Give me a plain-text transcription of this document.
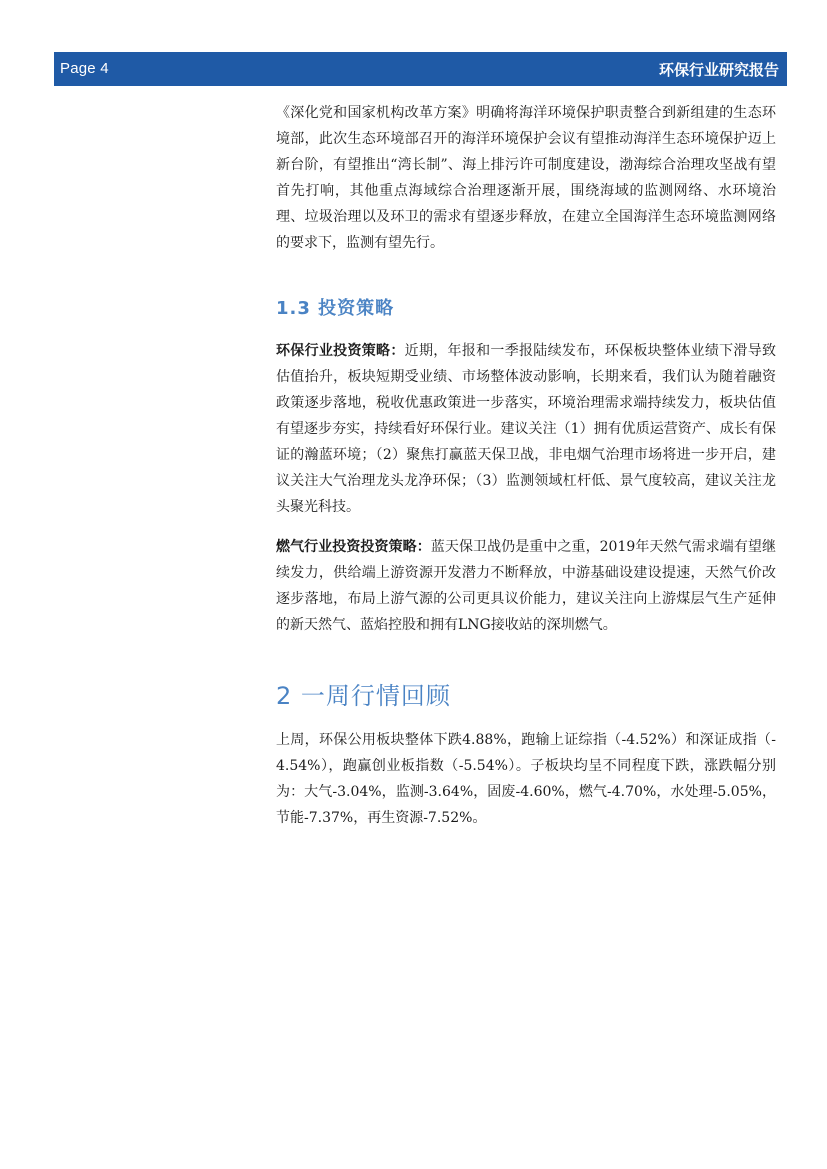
Page 4	环保行业研究报告

《深化党和国家机构改革方案》明确将海洋环境保护职责整合到新组建的生态环境部，此次生态环境部召开的海洋环境保护会议有望推动海洋生态环境保护迈上新台阶，有望推出“湾长制”、海上排污许可制度建设，渤海综合治理攻坚战有望首先打响，其他重点海域综合治理逐渐开展，围绕海域的监测网络、水环境治理、垃圾治理以及环卫的需求有望逐步释放，在建立全国海洋生态环境监测网络的要求下，监测有望先行。

1.3 投资策略

环保行业投资策略：近期，年报和一季报陆续发布，环保板块整体业绩下滑导致估值抬升，板块短期受业绩、市场整体波动影响，长期来看，我们认为随着融资政策逐步落地，税收优惠政策进一步落实，环境治理需求端持续发力，板块估值有望逐步夯实，持续看好环保行业。建议关注（1）拥有优质运营资产、成长有保证的瀚蓝环境；（2）聚焦打赢蓝天保卫战，非电烟气治理市场将进一步开启，建议关注大气治理龙头龙净环保；（3）监测领域杠杆低、景气度较高，建议关注龙头聚光科技。

燃气行业投资投资策略：蓝天保卫战仍是重中之重，2019年天然气需求端有望继续发力，供给端上游资源开发潜力不断释放，中游基础设建设提速，天然气价改逐步落地，布局上游气源的公司更具议价能力，建议关注向上游煤层气生产延伸的新天然气、蓝焰控股和拥有LNG接收站的深圳燃气。

2 一周行情回顾

上周，环保公用板块整体下跌4.88%，跑输上证综指（-4.52%）和深证成指（-4.54%），跑赢创业板指数（-5.54%）。子板块均呈不同程度下跌，涨跌幅分别为：大气-3.04%，监测-3.64%，固废-4.60%，燃气-4.70%，水处理-5.05%，节能-7.37%，再生资源-7.52%。
